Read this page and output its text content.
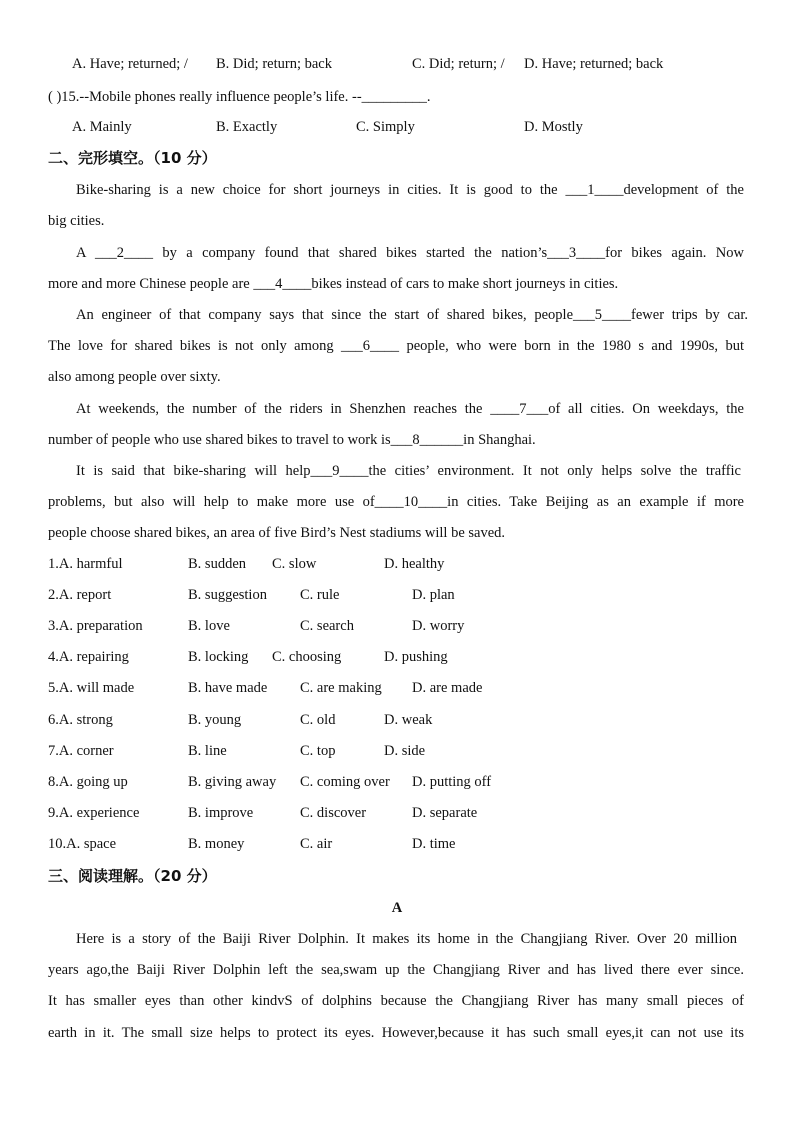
A. Have; returned; / B. Did; return; back	C. Did; return; / D. Have; returned; back
( )15.--Mobile phones really influence people’s life. --_________.
A. Mainly	B. Exactly	C. Simply	D. Mostly
二、完形填空。（10 分）
Bike-sharing is a new choice for short journeys in cities. It is good to the ___1____development of the
big cities.
A ___2____ by a company found that shared bikes started the nation’s___3____for bikes again. Now
more and more Chinese people are ___4____bikes instead of cars to make short journeys in cities.
An engineer of that company says that since the start of shared bikes, people___5____fewer trips by car.
The love for shared bikes is not only among ___6____ people, who were born in the 1980 s and 1990s, but
also among people over sixty.
At weekends, the number of the riders in Shenzhen reaches the ____7___of all cities. On weekdays, the
number of people who use shared bikes to travel to work is___8______in Shanghai.
It is said that bike-sharing will help___9____the cities’ environment. It not only helps solve the traffic
problems, but also will help to make more use of____10____in cities. Take Beijing as an example if more
people choose shared bikes, an area of five Bird’s Nest stadiums will be saved.
1.A. harmful	B. sudden C. slow	D. healthy
2.A. report	B. suggestion C. rule	D. plan
3.A. preparation	B. love	C. search	D. worry
4.A. repairing	B. locking C. choosing	D. pushing
5.A. will made	B. have made C. are making D. are made
6.A. strong	B. young	C. old	D. weak
7.A. corner	B. line	C. top	D. side
8.A. going up	B. giving away C. coming over D. putting off
9.A. experience	B. improve	C. discover	D. separate
10.A. space	B. money	C. air	D. time
三、阅读理解。（20 分）
A
Here is a story of the Baiji River Dolphin. It makes its home in the Changjiang River. Over 20 million
years ago,the Baiji River Dolphin left the sea,swam up the Changjiang River and has lived there ever since.
It has smaller eyes than other kindvS of dolphins because the Changjiang River has many small pieces of
earth in it. The small size helps to protect its eyes. However,because it has such small eyes,it can not use its
